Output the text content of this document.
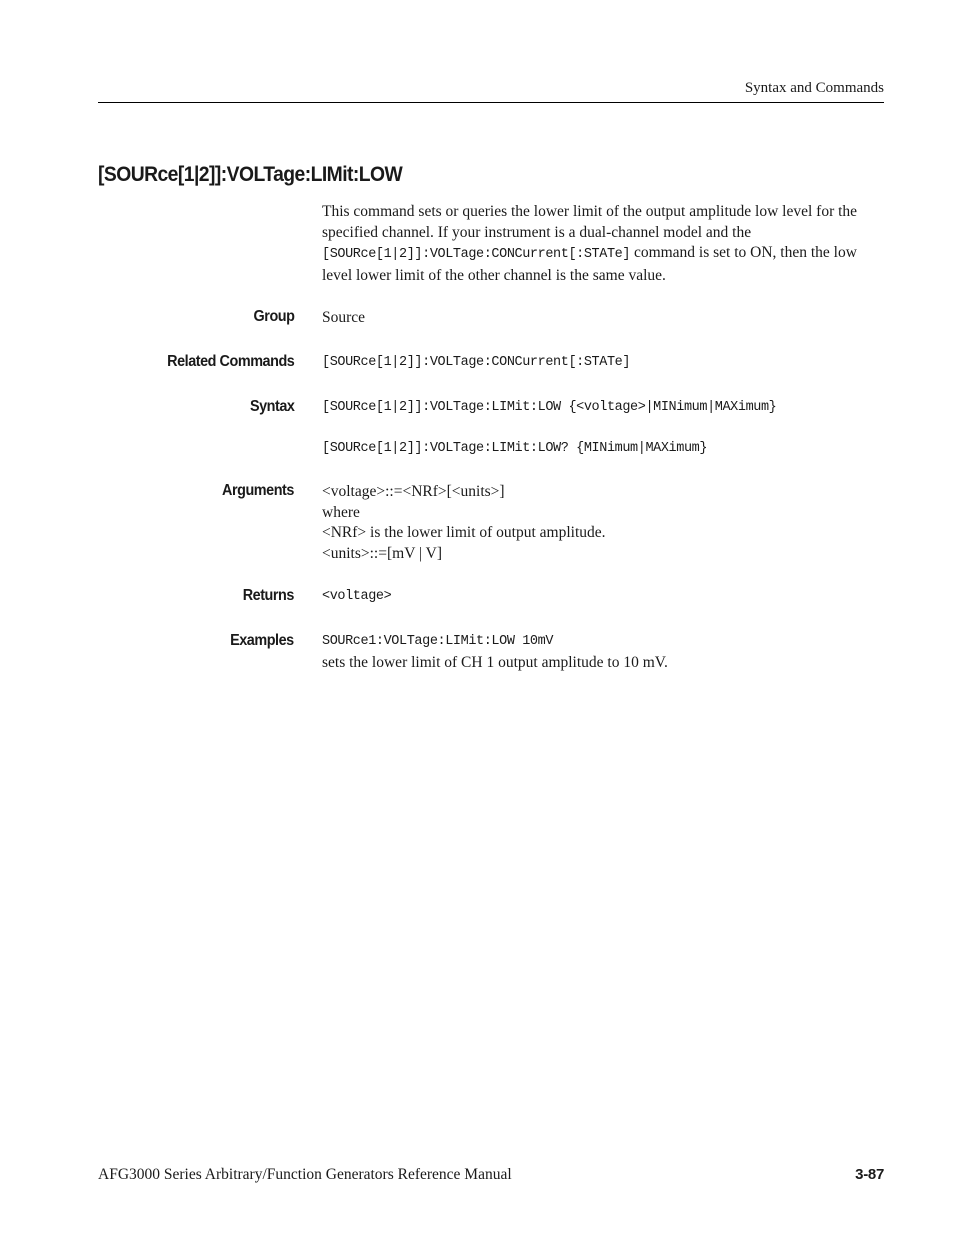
Syntax and Commands
[SOURce[1|2]]:VOLTage:LIMit:LOW

This command sets or queries the lower limit of the output amplitude low level for the specified channel. If your instrument is a dual-channel model and the
[SOURce[1|2]]:VOLTage:CONCurrent[:STATe] command is set to ON, then the low level lower limit of the other channel is the same value.

Group Source
Related Commands [SOURce[1|2]]:VOLTage:CONCurrent[:STATe]
Syntax [SOURce[1|2]]:VOLTage:LIMit:LOW {<voltage>|MINimum|MAXimum}
[SOURce[1|2]]:VOLTage:LIMit:LOW? {MINimum|MAXimum}
Arguments <voltage>::=<NRf>[<units>]
where
<NRf> is the lower limit of output amplitude.
<units>::=[mV | V]
Returns <voltage>
Examples SOURce1:VOLTage:LIMit:LOW 10mV
sets the lower limit of CH 1 output amplitude to 10 mV.
AFG3000 Series Arbitrary/Function Generators Reference Manual	3-87
